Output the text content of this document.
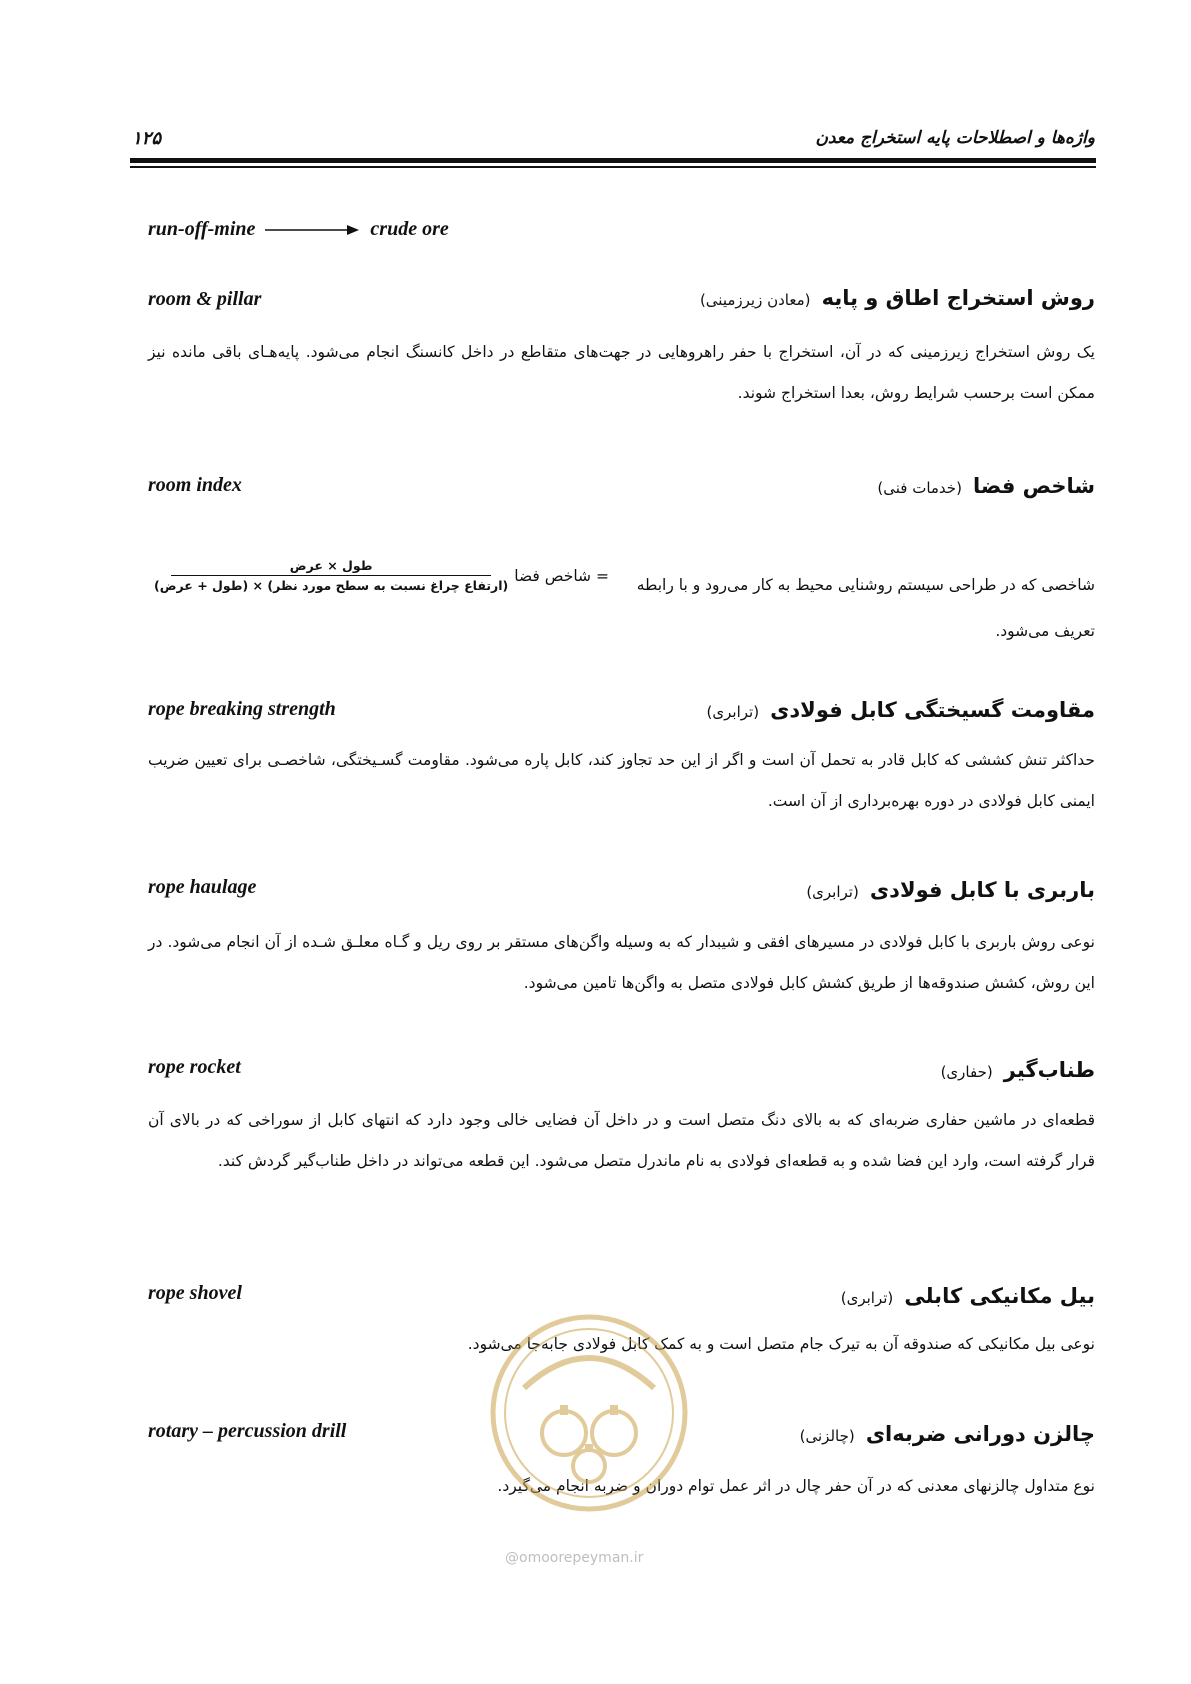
۱۲۵	واژه‌ها و اصطلاحات پایه استخراج معدن
run-off-mine	crude ore
room & pillar	روش استخراج اطاق و پایه (معادن زیرزمینی)
یک روش استخراج زیرزمینی که در آن، استخراج با حفر راهروهایی در جهت‌های متقاطع در داخل کانسنگ انجام می‌شود. پایه‌هـای باقی مانده نیز ممکن است برحسب شرایط روش، بعدا استخراج شوند.
room index	شاخص فضا (خدمات فنی)
شاخصی که در طراحی سیستم روشنایی محیط به کار می‌رود و با رابطه
= شاخص فضا
$\frac{\text{طول × عرض}}{\text{(ارتفاع چراغ نسبت به سطح مورد نظر) × (طول + عرض)}}$
تعریف می‌شود.
rope breaking strength	مقاومت گسیختگی کابل فولادی (ترابری)
حداکثر تنش کششی که کابل قادر به تحمل آن است و اگر از این حد تجاوز کند، کابل پاره می‌شود. مقاومت گسـیختگی، شاخصـی برای تعیین ضریب ایمنی کابل فولادی در دوره بهره‌برداری از آن است.
rope haulage	باربری با کابل فولادی (ترابری)
نوعی روش باربری با کابل فولادی در مسیرهای افقی و شیبدار که به وسیله واگن‌های مستقر بر روی ریل و گـاه معلـق شـده از آن انجام می‌شود. در این روش، کشش صندوقه‌ها از طریق کشش کابل فولادی متصل به واگن‌ها تامین می‌شود.
rope rocket	طناب‌گیر (حفاری)
قطعه‌ای در ماشین حفاری ضربه‌ای که به بالای دنگ متصل است و در داخل آن فضایی خالی وجود دارد که انتهای کابل از سوراخی که در بالای آن قرار گرفته است، وارد این فضا شده و به قطعه‌ای فولادی به نام ماندرل متصل می‌شود. این قطعه می‌تواند در داخل طناب‌گیر گردش کند.
rope shovel	بیل مکانیکی کابلی (ترابری)
نوعی بیل مکانیکی که صندوقه آن به تیرک جام متصل است و به کمک کابل فولادی جابه‌جا می‌شود.
rotary – percussion drill	چالزن دورانی ضربه‌ای (چالزنی)
نوع متداول چالزنهای معدنی که در آن حفر چال در اثر عمل توام دوران و ضربه انجام می‌گیرد.
@omoorepeyman.ir
